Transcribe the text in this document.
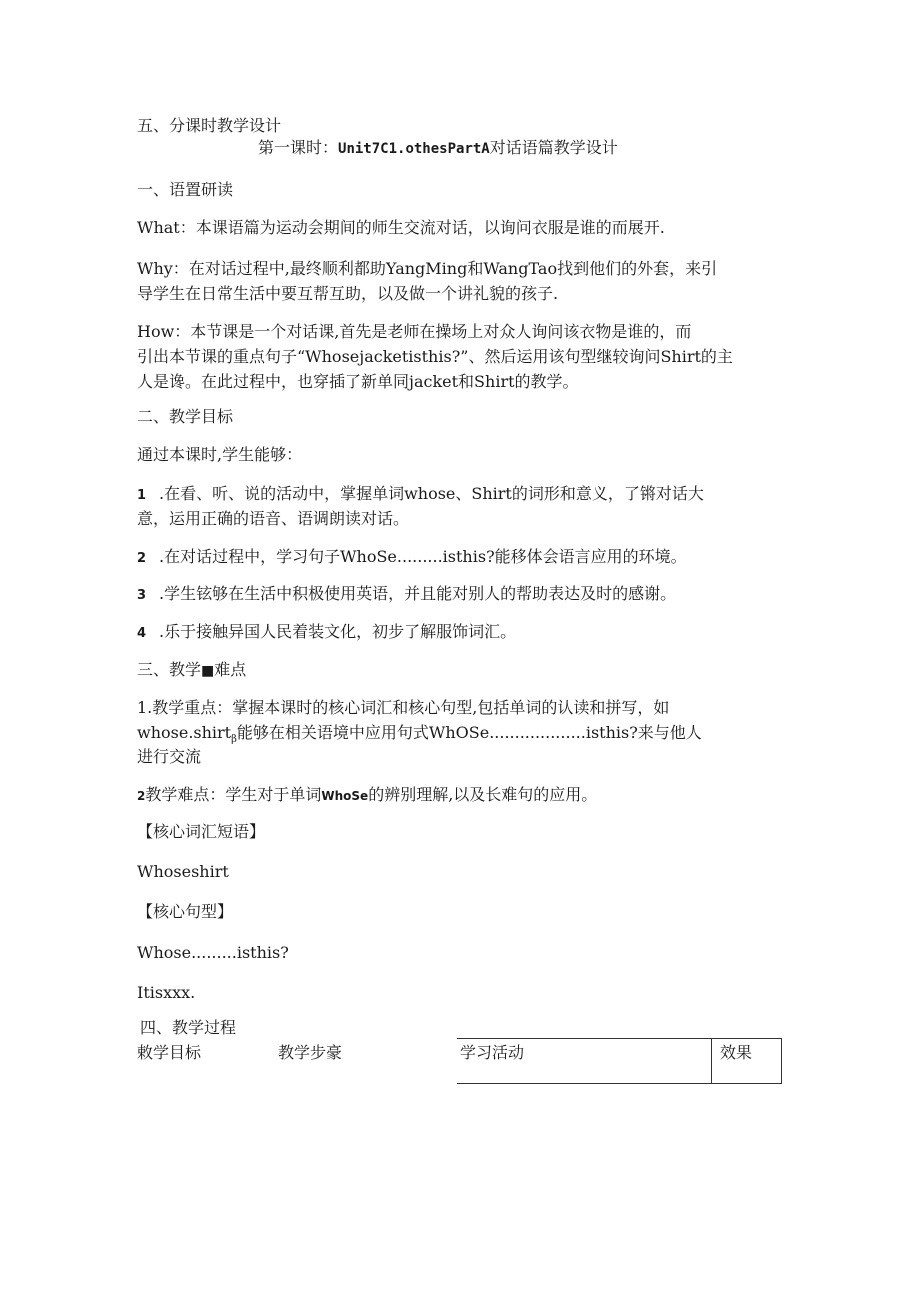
五、分课时教学设计
第一课时：Unit7C1.othesPartA对话语篇教学设计
一、语置研读
What：本课语篇为运动会期间的师生交流对话，以询问衣服是谁的而展开.
Why：在对话过程中,最终顺利都助YangMing和WangTao找到他们的外套，来引
导学生在日常生活中要互帮互助，以及做一个讲礼貌的孩子.
How：本节课是一个对话课,首先是老师在操场上对众人询问该衣物是谁的，而
引出本节课的重点句子“Whosejacketisthis?”、然后运用该句型继较询问Shirt的主
人是谗。在此过程中，也穿插了新单同jacket和Shirt的教学。
二、教学目标
通过本课时,学生能够：
1 .在看、听、说的活动中，掌握单词whose、Shirt的词形和意义，了锵对话大
意，运用正确的语音、语调朗读对话。
2 .在对话过程中，学习句子WhoSe.........isthis?能移体会语言应用的环境。
3 .学生铉够在生活中积极使用英语，并且能对别人的帮助表达及时的感谢。
4 .乐于接触异国人民着装文化，初步了解服饰词汇。
三、教学■难点
1.教学重点：掌握本课时的核心词汇和核心句型,包括单词的认读和拼写，如
whose.shirt$_\beta$能够在相关语境中应用句式WhOSe...................isthis?来与他人
进行交流
2教学难点：学生对于单词WhoSe的辨别理解,以及长难句的应用。
【核心词汇短语】
Whoseshirt
【核心句型】
Whose.........isthis?
Itisxxx.
四、教学过程
敕学目标	教学步豪	学习活动	效果
